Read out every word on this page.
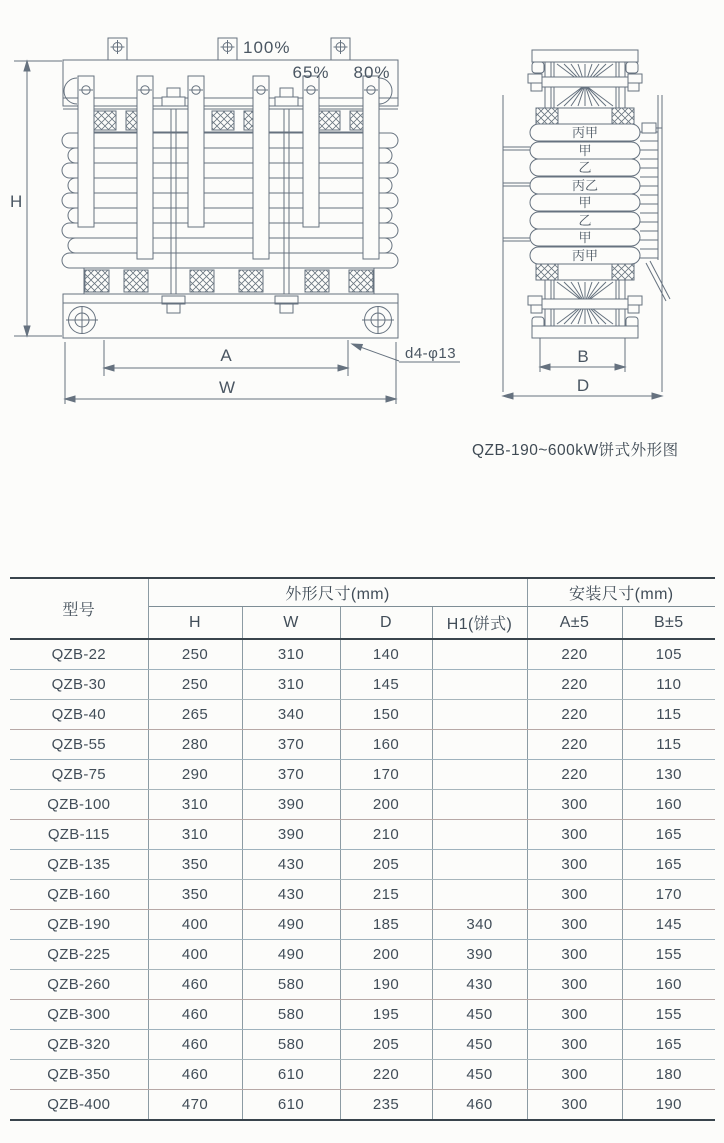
H
A
W
100%
65% 80%
d4-φ13
丙甲
甲
乙
丙乙
甲
乙
甲
丙甲
B
D
QZB-190~600kW饼式外形图
型号	外形尺寸(mm)				安装尺寸(mm)	
	H	W	D	H1(饼式)	A±5	B±5
QZB-22	250	310	140		220	105
QZB-30	250	310	145		220	110
QZB-40	265	340	150		220	115
QZB-55	280	370	160		220	115
QZB-75	290	370	170		220	130
QZB-100	310	390	200		300	160
QZB-115	310	390	210		300	165
QZB-135	350	430	205		300	165
QZB-160	350	430	215		300	170
QZB-190	400	490	185	340	300	145
QZB-225	400	490	200	390	300	155
QZB-260	460	580	190	430	300	160
QZB-300	460	580	195	450	300	155
QZB-320	460	580	205	450	300	165
QZB-350	460	610	220	450	300	180
QZB-400	470	610	235	460	300	190
